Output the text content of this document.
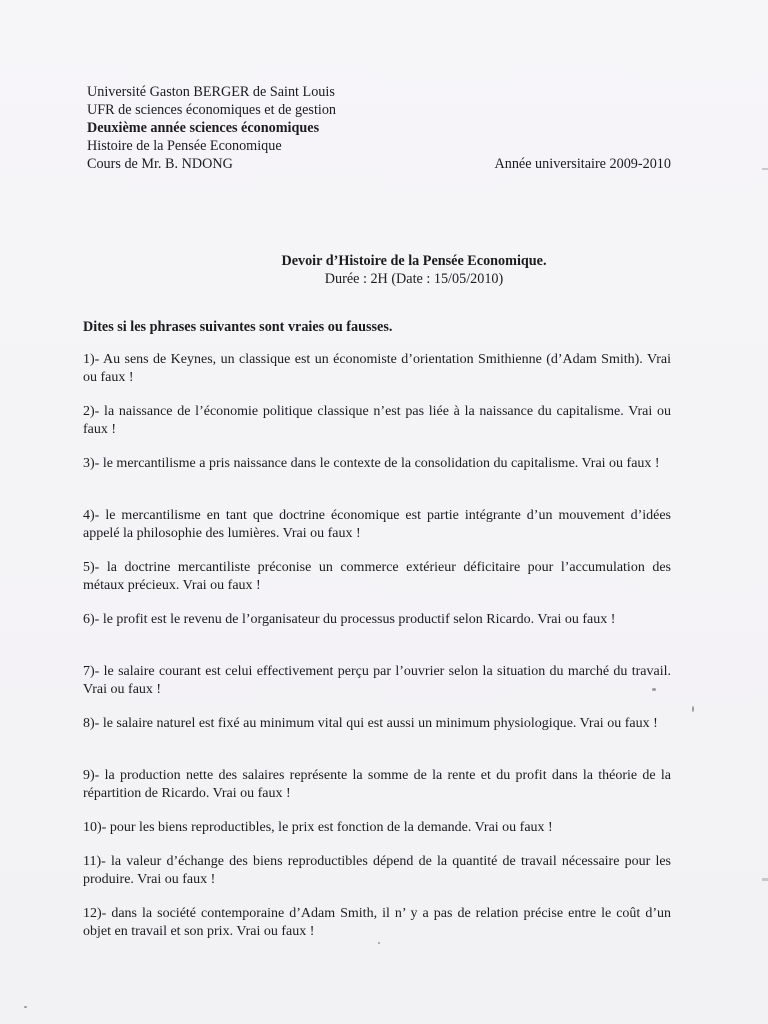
Université Gaston BERGER de Saint Louis
UFR de sciences économiques et de gestion
Deuxième année sciences économiques
Histoire de la Pensée Economique
Cours de Mr. B. NDONG	Année universitaire 2009-2010
Devoir d’Histoire de la Pensée Economique.
Durée : 2H (Date : 15/05/2010)
Dites si les phrases suivantes sont vraies ou fausses.
1)- Au sens de Keynes, un classique est un économiste d’orientation Smithienne (d’Adam Smith). Vrai ou faux !
2)- la naissance de l’économie politique classique n’est pas liée à la naissance du capitalisme. Vrai ou faux !
3)- le mercantilisme a pris naissance dans le contexte de la consolidation du capitalisme. Vrai ou faux !
4)- le mercantilisme en tant que doctrine économique est partie intégrante d’un mouvement d’idées appelé la philosophie des lumières. Vrai ou faux !
5)- la doctrine mercantiliste préconise un commerce extérieur déficitaire pour l’accumulation des métaux précieux. Vrai ou faux !
6)- le profit est le revenu de l’organisateur du processus productif selon Ricardo. Vrai ou faux !
7)- le salaire courant est celui effectivement perçu par l’ouvrier selon la situation du marché du travail. Vrai ou faux !
8)- le salaire naturel est fixé au minimum vital qui est aussi un minimum physiologique. Vrai ou faux !
9)- la production nette des salaires représente la somme de la rente et du profit dans la théorie de la répartition de Ricardo. Vrai ou faux !
10)- pour les biens reproductibles, le prix est fonction de la demande. Vrai ou faux !
11)- la valeur d’échange des biens reproductibles dépend de la quantité de travail nécessaire pour les produire. Vrai ou faux !
12)- dans la société contemporaine d’Adam Smith, il n’ y a pas de relation précise entre le coût d’un objet en travail et son prix. Vrai ou faux !
